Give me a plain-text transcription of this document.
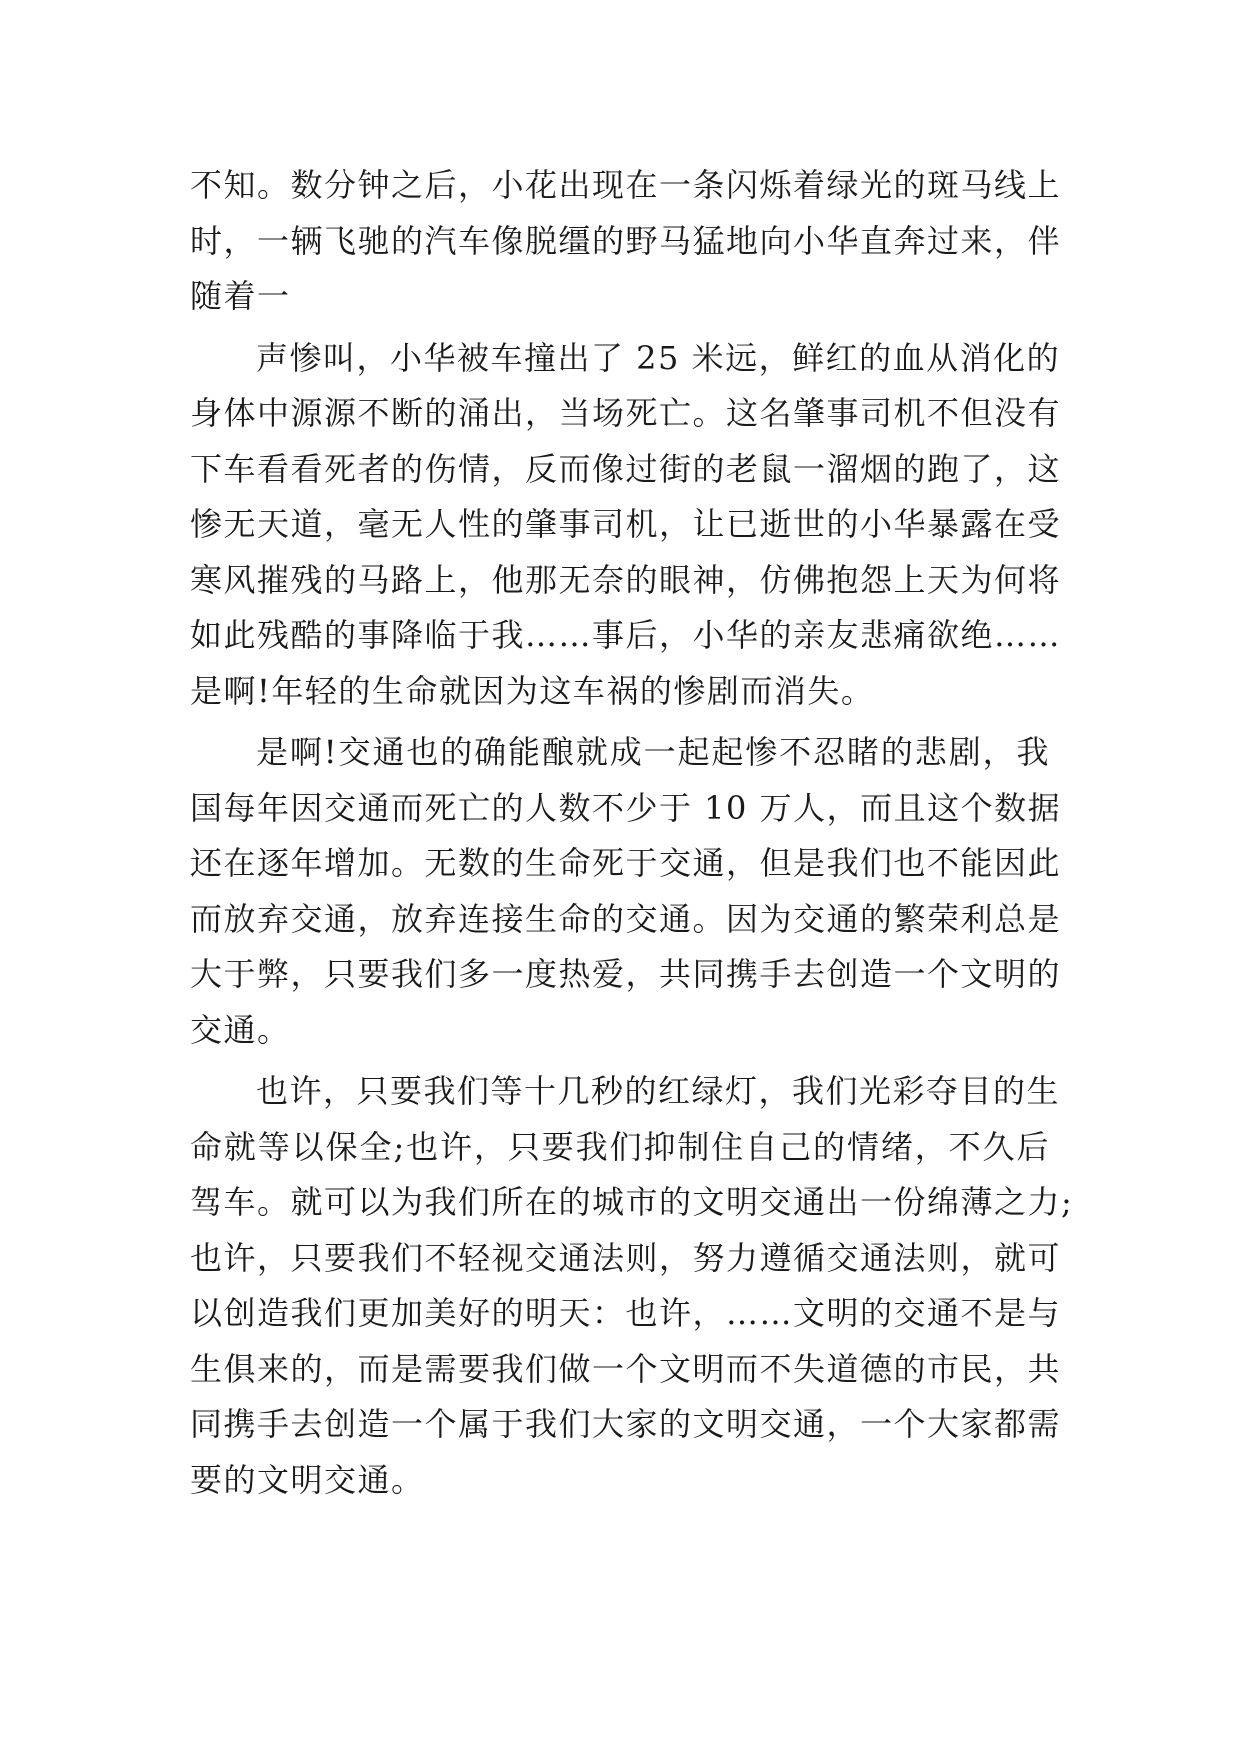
不知。数分钟之后，小花出现在一条闪烁着绿光的斑马线上
时，一辆飞驰的汽车像脱缰的野马猛地向小华直奔过来，伴
随着一
声惨叫，小华被车撞出了 25 米远，鲜红的血从消化的
身体中源源不断的涌出，当场死亡。这名肇事司机不但没有
下车看看死者的伤情，反而像过街的老鼠一溜烟的跑了，这
惨无天道，毫无人性的肇事司机，让已逝世的小华暴露在受
寒风摧残的马路上，他那无奈的眼神，仿佛抱怨上天为何将
如此残酷的事降临于我……事后，小华的亲友悲痛欲绝……
是啊!年轻的生命就因为这车祸的惨剧而消失。
是啊!交通也的确能酿就成一起起惨不忍睹的悲剧，我
国每年因交通而死亡的人数不少于 10 万人，而且这个数据
还在逐年增加。无数的生命死于交通，但是我们也不能因此
而放弃交通，放弃连接生命的交通。因为交通的繁荣利总是
大于弊，只要我们多一度热爱，共同携手去创造一个文明的
交通。
也许，只要我们等十几秒的红绿灯，我们光彩夺目的生
命就等以保全;也许，只要我们抑制住自己的情绪，不久后
驾车。就可以为我们所在的城市的文明交通出一份绵薄之力;
也许，只要我们不轻视交通法则，努力遵循交通法则，就可
以创造我们更加美好的明天：也许，……文明的交通不是与
生俱来的，而是需要我们做一个文明而不失道德的市民，共
同携手去创造一个属于我们大家的文明交通，一个大家都需
要的文明交通。
